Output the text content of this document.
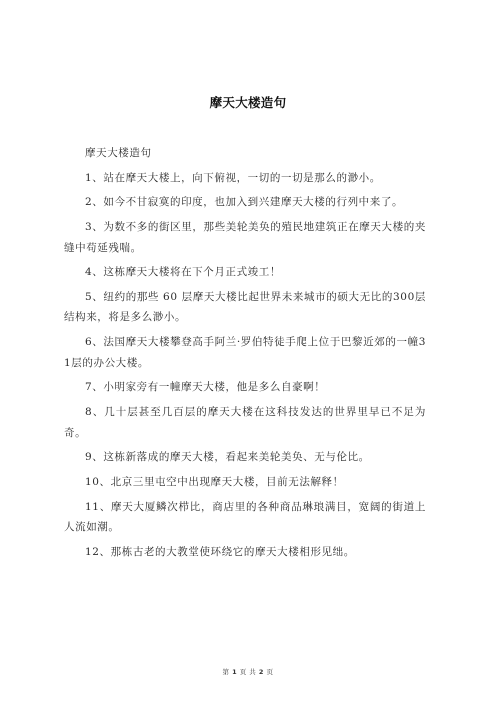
摩天大楼造句

摩天大楼造句

1、站在摩天大楼上，向下俯视，一切的一切是那么的渺小。

2、如今不甘寂寞的印度，也加入到兴建摩天大楼的行列中来了。

3、为数不多的街区里，那些美轮美奂的殖民地建筑正在摩天大楼的夹缝中苟延残喘。

4、这栋摩天大楼将在下个月正式竣工！

5、纽约的那些 60 层摩天大楼比起世界未来城市的硕大无比的300层结构来，将是多么渺小。

6、法国摩天大楼攀登高手阿兰·罗伯特徒手爬上位于巴黎近郊的一幢31层的办公大楼。

7、小明家旁有一幢摩天大楼，他是多么自豪啊！

8、几十层甚至几百层的摩天大楼在这科技发达的世界里早已不足为奇。

9、这栋新落成的摩天大楼，看起来美轮美奂、无与伦比。

10、北京三里屯空中出现摩天大楼，目前无法解释！

11、摩天大厦鳞次栉比，商店里的各种商品琳琅满目，宽阔的街道上人流如潮。

12、那栋古老的大教堂使环绕它的摩天大楼相形见绌。

第 1 页 共 2 页
